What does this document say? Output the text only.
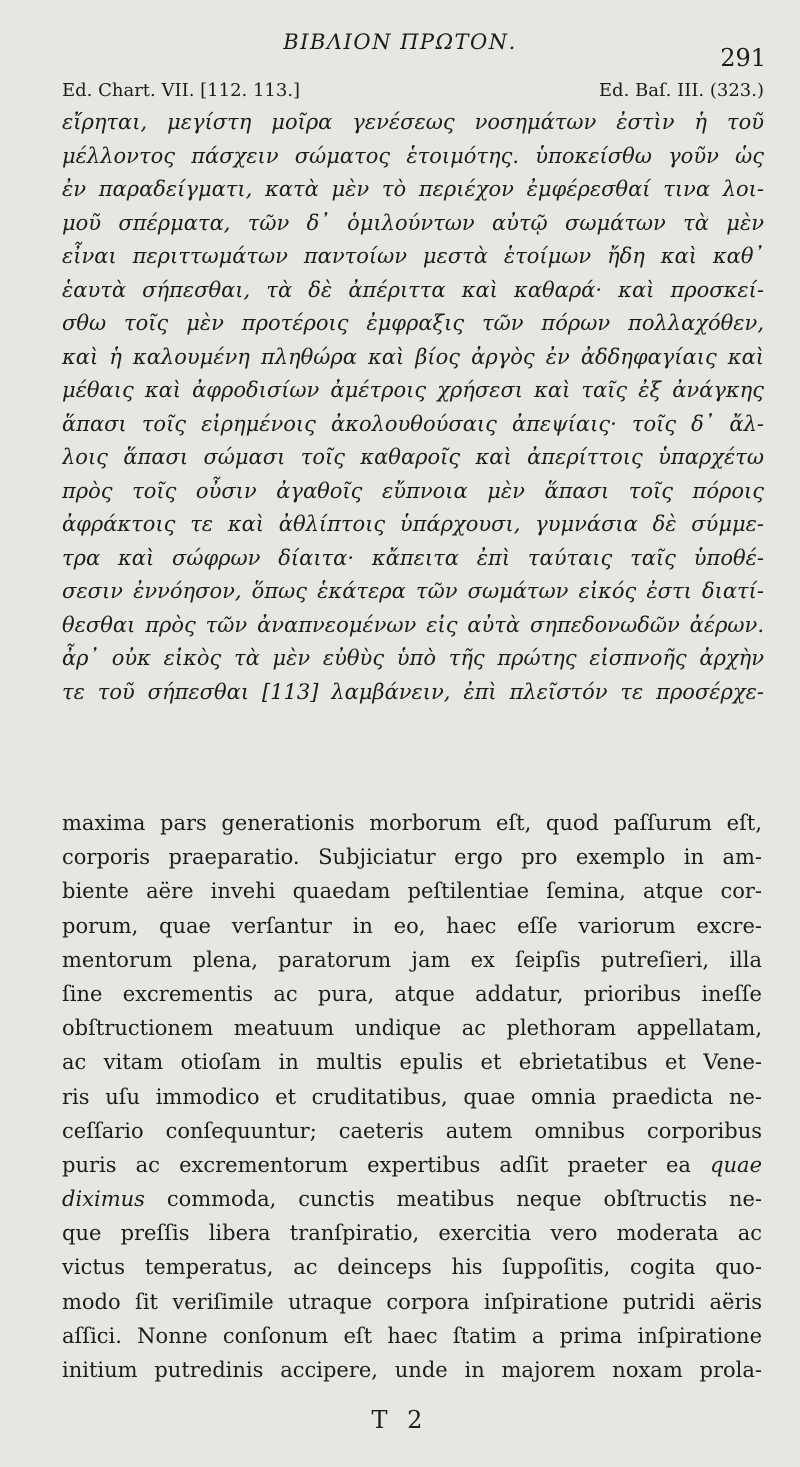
ΒΙΒΛΙΟΝ ΠΡΩΤΟΝ.
291
Ed. Chart. VII. [112. 113.]	Ed. Baſ. III. (323.)
εἴρηται, μεγίστη μοῖρα γενέσεως νοσημάτων ἐστὶν ἡ τοῦ
μέλλοντος πάσχειν σώματος ἑτοιμότης. ὑποκείσθω γοῦν ὡς
ἐν παραδείγματι, κατὰ μὲν τὸ περιέχον ἐμφέρεσθαί τινα λοι-
μοῦ σπέρματα, τῶν δ᾽ ὁμιλούντων αὐτῷ σωμάτων τὰ μὲν
εἶναι περιττωμάτων παντοίων μεστὰ ἑτοίμων ἤδη καὶ καθ᾽
ἑαυτὰ σήπεσθαι, τὰ δὲ ἀπέριττα καὶ καθαρά· καὶ προσκεί-
σθω τοῖς μὲν προτέροις ἐμφραξις τῶν πόρων πολλαχόθεν,
καὶ ἡ καλουμένη πληθώρα καὶ βίος ἀργὸς ἐν ἀδδηφαγίαις καὶ
μέθαις καὶ ἀφροδισίων ἀμέτροις χρήσεσι καὶ ταῖς ἐξ ἀνάγκης
ἅπασι τοῖς εἰρημένοις ἀκολουθούσαις ἀπεψίαις· τοῖς δ᾽ ἄλ-
λοις ἅπασι σώμασι τοῖς καθαροῖς καὶ ἀπερίττοις ὑπαρχέτω
πρὸς τοῖς οὖσιν ἀγαθοῖς εὔπνοια μὲν ἅπασι τοῖς πόροις
ἀφράκτοις τε καὶ ἀθλίπτοις ὑπάρχουσι, γυμνάσια δὲ σύμμε-
τρα καὶ σώφρων δίαιτα· κἄπειτα ἐπὶ ταύταις ταῖς ὑποθέ-
σεσιν ἐννόησον, ὅπως ἑκάτερα τῶν σωμάτων εἰκός ἐστι διατί-
θεσθαι πρὸς τῶν ἀναπνεομένων εἰς αὐτὰ σηπεδονωδῶν ἀέρων.
ἆρ᾽ οὐκ εἰκὸς τὰ μὲν εὐθὺς ὑπὸ τῆς πρώτης εἰσπνοῆς ἀρχὴν
τε τοῦ σήπεσθαι [113] λαμβάνειν, ἐπὶ πλεῖστόν τε προσέρχε-
maxima pars generationis morborum eſt, quod paſſurum eſt,
corporis praeparatio. Subjiciatur ergo pro exemplo in am-
biente aëre invehi quaedam peſtilentiae ſemina, atque cor-
porum, quae verſantur in eo, haec eſſe variorum excre-
mentorum plena, paratorum jam ex ſeipſis putreſieri, illa
ſine excrementis ac pura, atque addatur, prioribus ineſſe
obſtructionem meatuum undique ac plethoram appellatam,
ac vitam otioſam in multis epulis et ebrietatibus et Vene-
ris uſu immodico et cruditatibus, quae omnia praedicta ne-
ceſſario conſequuntur; caeteris autem omnibus corporibus
puris ac excrementorum expertibus adſit praeter ea quae
diximus commoda, cunctis meatibus neque obſtructis ne-
que preſſis libera tranſpiratio, exercitia vero moderata ac
victus temperatus, ac deinceps his ſuppoſitis, cogita quo-
modo ſit veriſimile utraque corpora inſpiratione putridi aëris
aſſici. Nonne conſonum eſt haec ſtatim a prima inſpiratione
initium putredinis accipere, unde in majorem noxam prola-
T 2
